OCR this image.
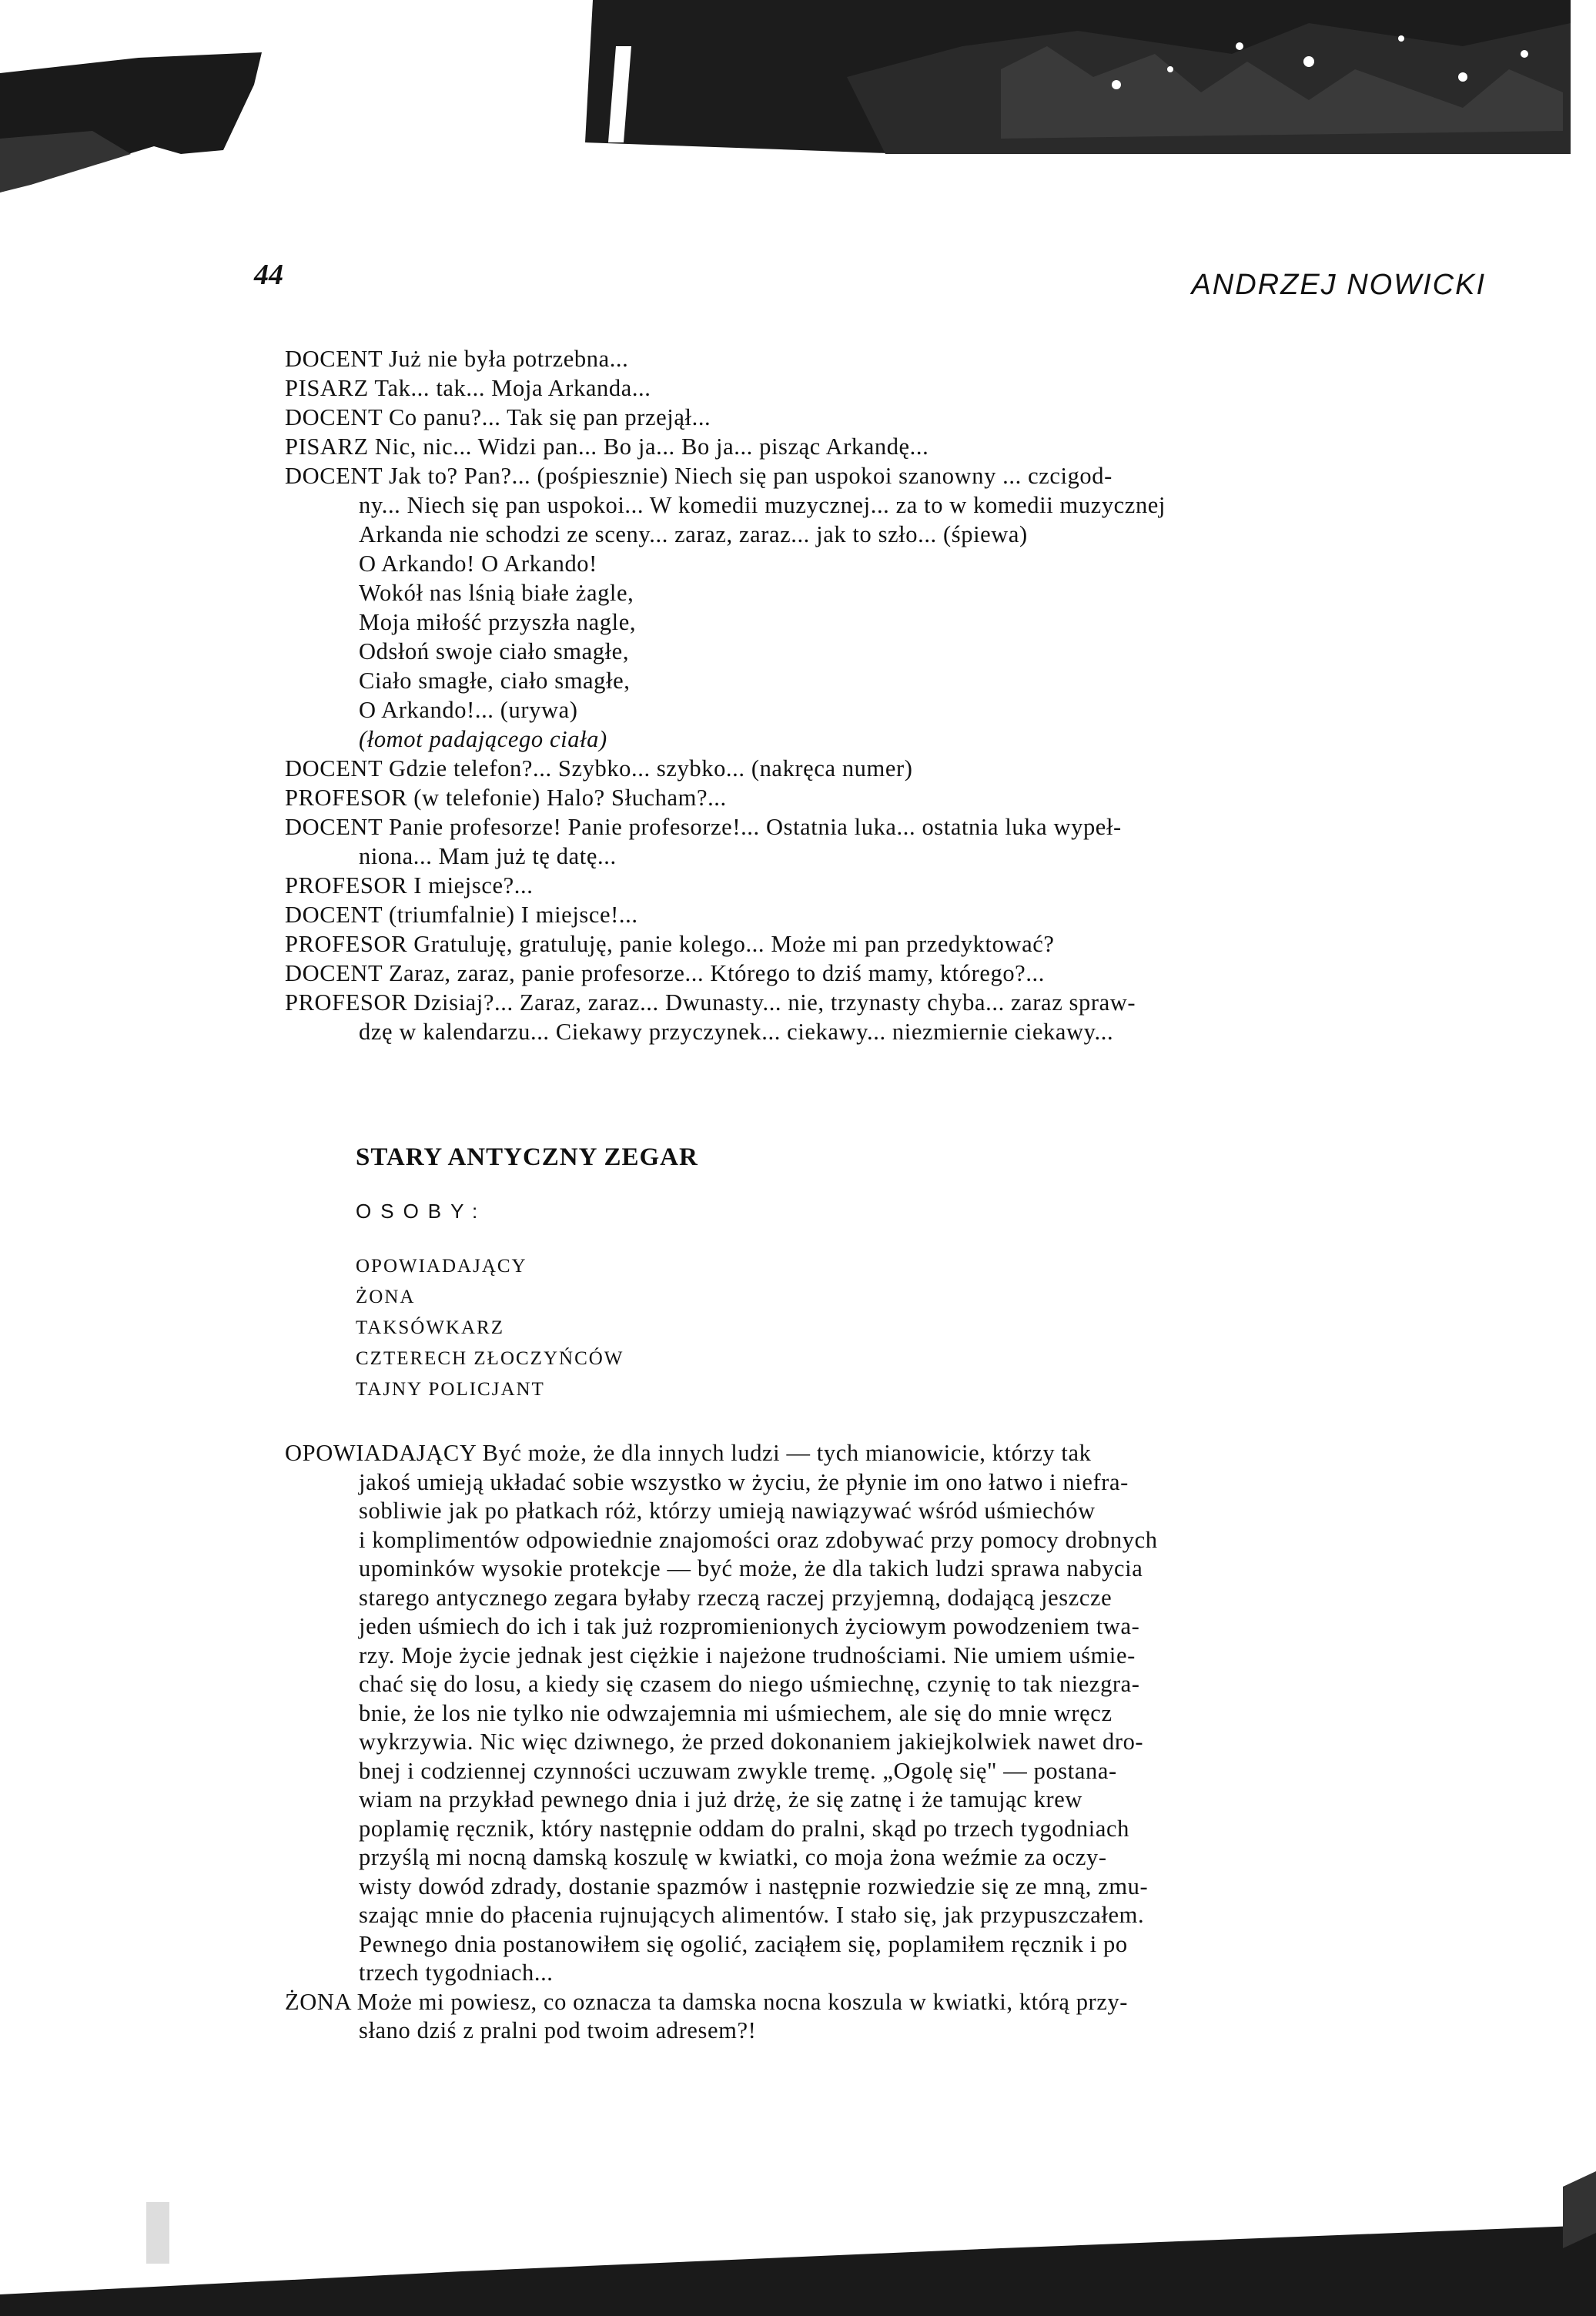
44	ANDRZEJ NOWICKI
DOCENT Już nie była potrzebna...
PISARZ Tak... tak... Moja Arkanda...
DOCENT Co panu?... Tak się pan przejął...
PISARZ Nic, nic... Widzi pan... Bo ja... Bo ja... pisząc Arkandę...
DOCENT Jak to? Pan?... (pośpiesznie) Niech się pan uspokoi szanowny ... czcigod-
ny... Niech się pan uspokoi... W komedii muzycznej... za to w komedii muzycznej
Arkanda nie schodzi ze sceny... zaraz, zaraz... jak to szło... (śpiewa)
O Arkando! O Arkando!
Wokół nas lśnią białe żagle,
Moja miłość przyszła nagle,
Odsłoń swoje ciało smagłe,
Ciało smagłe, ciało smagłe,
O Arkando!... (urywa)
(łomot padającego ciała)
DOCENT Gdzie telefon?... Szybko... szybko... (nakręca numer)
PROFESOR (w telefonie) Halo? Słucham?...
DOCENT Panie profesorze! Panie profesorze!... Ostatnia luka... ostatnia luka wypeł-
niona... Mam już tę datę...
PROFESOR I miejsce?...
DOCENT (triumfalnie) I miejsce!...
PROFESOR Gratuluję, gratuluję, panie kolego... Może mi pan przedyktować?
DOCENT Zaraz, zaraz, panie profesorze... Którego to dziś mamy, którego?...
PROFESOR Dzisiaj?... Zaraz, zaraz... Dwunasty... nie, trzynasty chyba... zaraz spraw-
dzę w kalendarzu... Ciekawy przyczynek... ciekawy... niezmiernie ciekawy...
STARY ANTYCZNY ZEGAR
OSOBY:
OPOWIADAJĄCY
ŻONA
TAKSÓWKARZ
CZTERECH ZŁOCZYŃCÓW
TAJNY POLICJANT
OPOWIADAJĄCY Być może, że dla innych ludzi — tych mianowicie, którzy tak
jakoś umieją układać sobie wszystko w życiu, że płynie im ono łatwo i niefra-
sobliwie jak po płatkach róż, którzy umieją nawiązywać wśród uśmiechów
i komplimentów odpowiednie znajomości oraz zdobywać przy pomocy drobnych
upominków wysokie protekcje — być może, że dla takich ludzi sprawa nabycia
starego antycznego zegara byłaby rzeczą raczej przyjemną, dodającą jeszcze
jeden uśmiech do ich i tak już rozpromienionych życiowym powodzeniem twa-
rzy. Moje życie jednak jest ciężkie i najeżone trudnościami. Nie umiem uśmie-
chać się do losu, a kiedy się czasem do niego uśmiechnę, czynię to tak niezgra-
bnie, że los nie tylko nie odwzajemnia mi uśmiechem, ale się do mnie wręcz
wykrzywia. Nic więc dziwnego, że przed dokonaniem jakiejkolwiek nawet dro-
bnej i codziennej czynności uczuwam zwykle tremę. „Ogolę się" — postana-
wiam na przykład pewnego dnia i już drżę, że się zatnę i że tamując krew
poplamię ręcznik, który następnie oddam do pralni, skąd po trzech tygodniach
przyślą mi nocną damską koszulę w kwiatki, co moja żona weźmie za oczy-
wisty dowód zdrady, dostanie spazmów i następnie rozwiedzie się ze mną, zmu-
szając mnie do płacenia rujnujących alimentów. I stało się, jak przypuszczałem.
Pewnego dnia postanowiłem się ogolić, zaciąłem się, poplamiłem ręcznik i po
trzech tygodniach...
ŻONA Może mi powiesz, co oznacza ta damska nocna koszula w kwiatki, którą przy-
słano dziś z pralni pod twoim adresem?!
